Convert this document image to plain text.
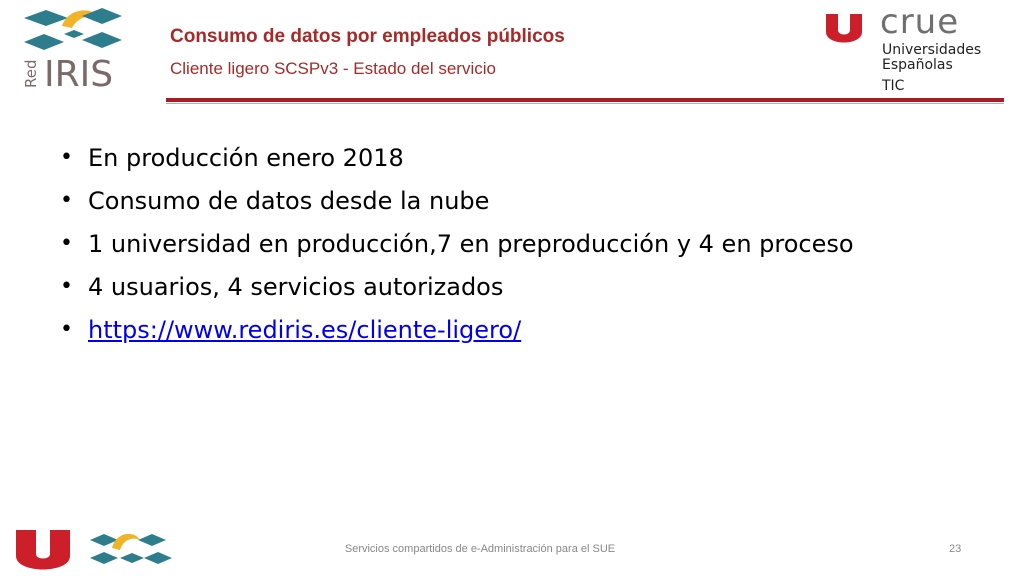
Red IRIS
Consumo de datos por empleados públicos
Cliente ligero SCSPv3 - Estado del servicio
crue
Universidades
Españolas
TIC
• En producción enero 2018
• Consumo de datos desde la nube
• 1 universidad en producción,7 en preproducción y 4 en proceso
• 4 usuarios, 4 servicios autorizados
• https://www.rediris.es/cliente-ligero/
Servicios compartidos de e-Administración para el SUE	23
